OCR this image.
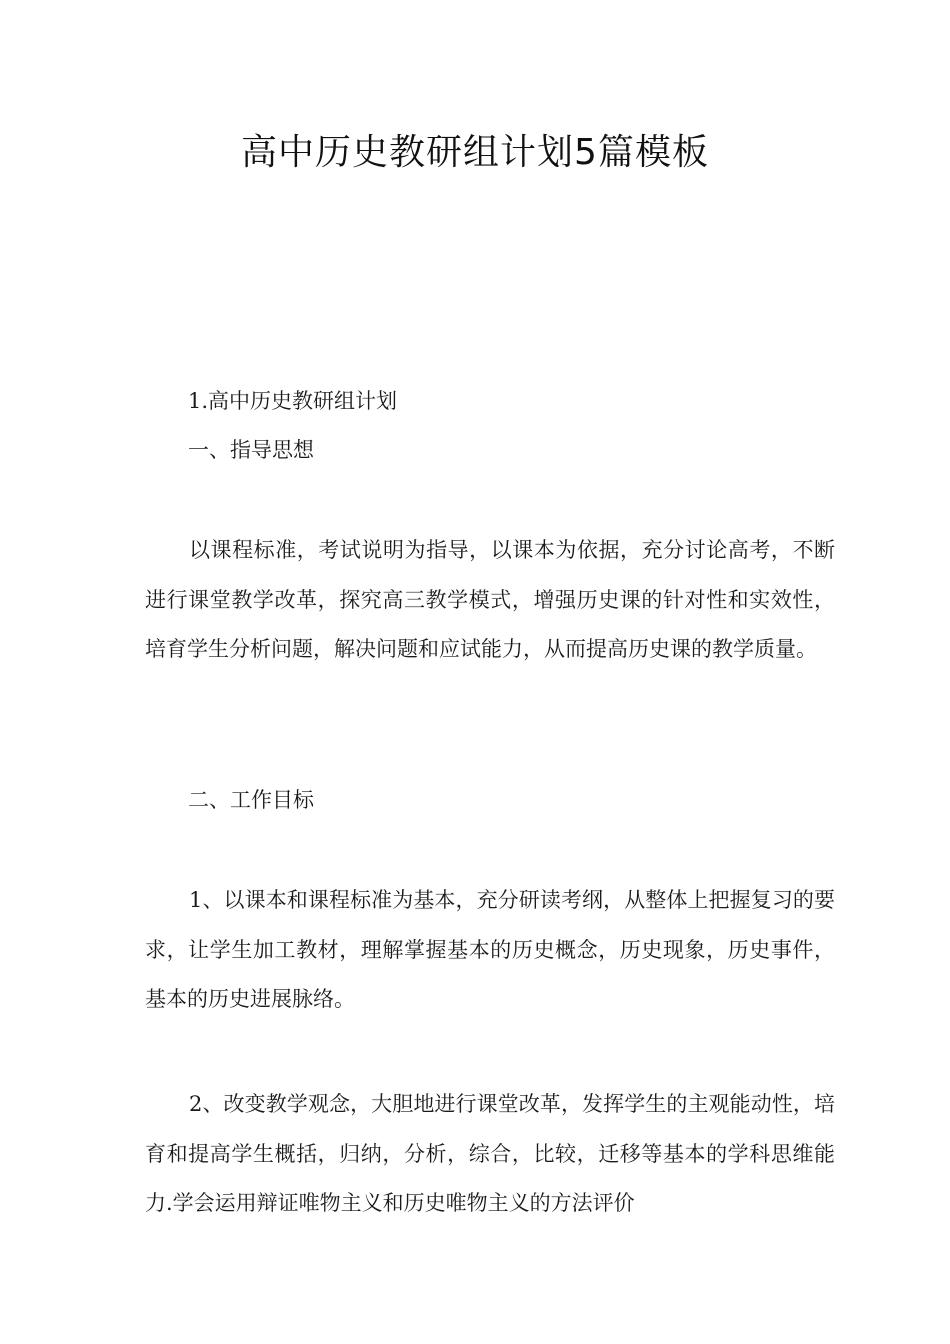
高中历史教研组计划5篇模板

1.高中历史教研组计划

一、指导思想

以课程标准，考试说明为指导，以课本为依据，充分讨论高考，不断进行课堂教学改革，探究高三教学模式，增强历史课的针对性和实效性，培育学生分析问题，解决问题和应试能力，从而提高历史课的教学质量。

二、工作目标

1、以课本和课程标准为基本，充分研读考纲，从整体上把握复习的要求，让学生加工教材，理解掌握基本的历史概念，历史现象，历史事件，基本的历史进展脉络。

2、改变教学观念，大胆地进行课堂改革，发挥学生的主观能动性，培育和提高学生概括，归纳，分析，综合，比较，迁移等基本的学科思维能力.学会运用辩证唯物主义和历史唯物主义的方法评价
